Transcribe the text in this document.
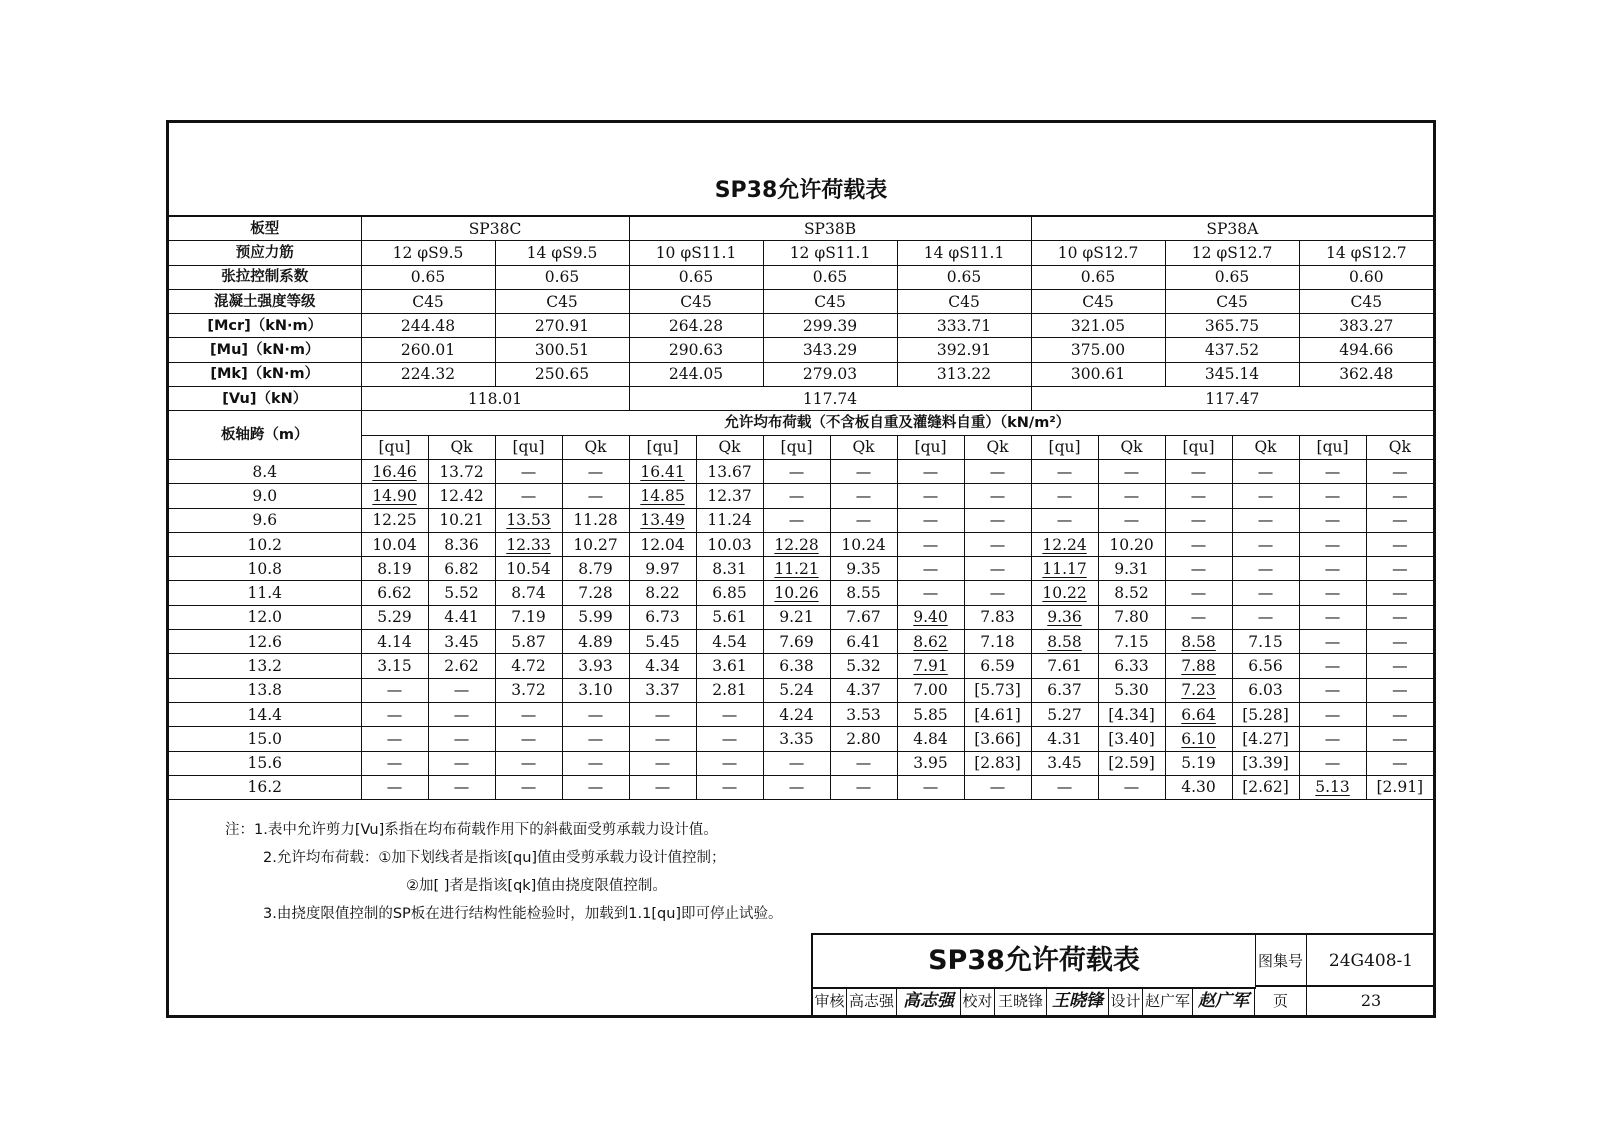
SP38允许荷载表
板型	SP38C				SP38B						SP38A					
预应力筋	12 φS9.5		14 φS9.5		10 φS11.1		12 φS11.1		14 φS11.1		10 φS12.7		12 φS12.7		14 φS12.7	
张拉控制系数	0.65		0.65		0.65		0.65		0.65		0.65		0.65		0.60	
混凝土强度等级	C45		C45		C45		C45		C45		C45		C45		C45	
[Mcr]（kN·m）	244.48		270.91		264.28		299.39		333.71		321.05		365.75		383.27	
[Mu]（kN·m）	260.01		300.51		290.63		343.29		392.91		375.00		437.52		494.66	
[Mk]（kN·m）	224.32		250.65		244.05		279.03		313.22		300.61		345.14		362.48	
[Vu]（kN）	118.01				117.74						117.47					
板轴跨（m）	允许均布荷载（不含板自重及灌缝料自重）（kN/m²）															
	[qu]	Qk	[qu]	Qk	[qu]	Qk	[qu]	Qk	[qu]	Qk	[qu]	Qk	[qu]	Qk	[qu]	Qk
8.4	16.46	13.72	—	—	16.41	13.67	—	—	—	—	—	—	—	—	—	—
9.0	14.90	12.42	—	—	14.85	12.37	—	—	—	—	—	—	—	—	—	—
9.6	12.25	10.21	13.53	11.28	13.49	11.24	—	—	—	—	—	—	—	—	—	—
10.2	10.04	8.36	12.33	10.27	12.04	10.03	12.28	10.24	—	—	12.24	10.20	—	—	—	—
10.8	8.19	6.82	10.54	8.79	9.97	8.31	11.21	9.35	—	—	11.17	9.31	—	—	—	—
11.4	6.62	5.52	8.74	7.28	8.22	6.85	10.26	8.55	—	—	10.22	8.52	—	—	—	—
12.0	5.29	4.41	7.19	5.99	6.73	5.61	9.21	7.67	9.40	7.83	9.36	7.80	—	—	—	—
12.6	4.14	3.45	5.87	4.89	5.45	4.54	7.69	6.41	8.62	7.18	8.58	7.15	8.58	7.15	—	—
13.2	3.15	2.62	4.72	3.93	4.34	3.61	6.38	5.32	7.91	6.59	7.61	6.33	7.88	6.56	—	—
13.8	—	—	3.72	3.10	3.37	2.81	5.24	4.37	7.00	[5.73]	6.37	5.30	7.23	6.03	—	—
14.4	—	—	—	—	—	—	4.24	3.53	5.85	[4.61]	5.27	[4.34]	6.64	[5.28]	—	—
15.0	—	—	—	—	—	—	3.35	2.80	4.84	[3.66]	4.31	[3.40]	6.10	[4.27]	—	—
15.6	—	—	—	—	—	—	—	—	3.95	[2.83]	3.45	[2.59]	5.19	[3.39]	—	—
16.2	—	—	—	—	—	—	—	—	—	—	—	—	4.30	[2.62]	5.13	[2.91]
注：1.表中允许剪力[Vu]系指在均布荷载作用下的斜截面受剪承载力设计值。
2.允许均布荷载：①加下划线者是指该[qu]值由受剪承载力设计值控制；
②加[ ]者是指该[qk]值由挠度限值控制。
3.由挠度限值控制的SP板在进行结构性能检验时，加载到1.1[qu]即可停止试验。
SP38允许荷载表	图集号	24G408-1
审核 高志强 高志强 校对 王晓锋 王晓锋 设计 赵广军 赵广军	页	23
